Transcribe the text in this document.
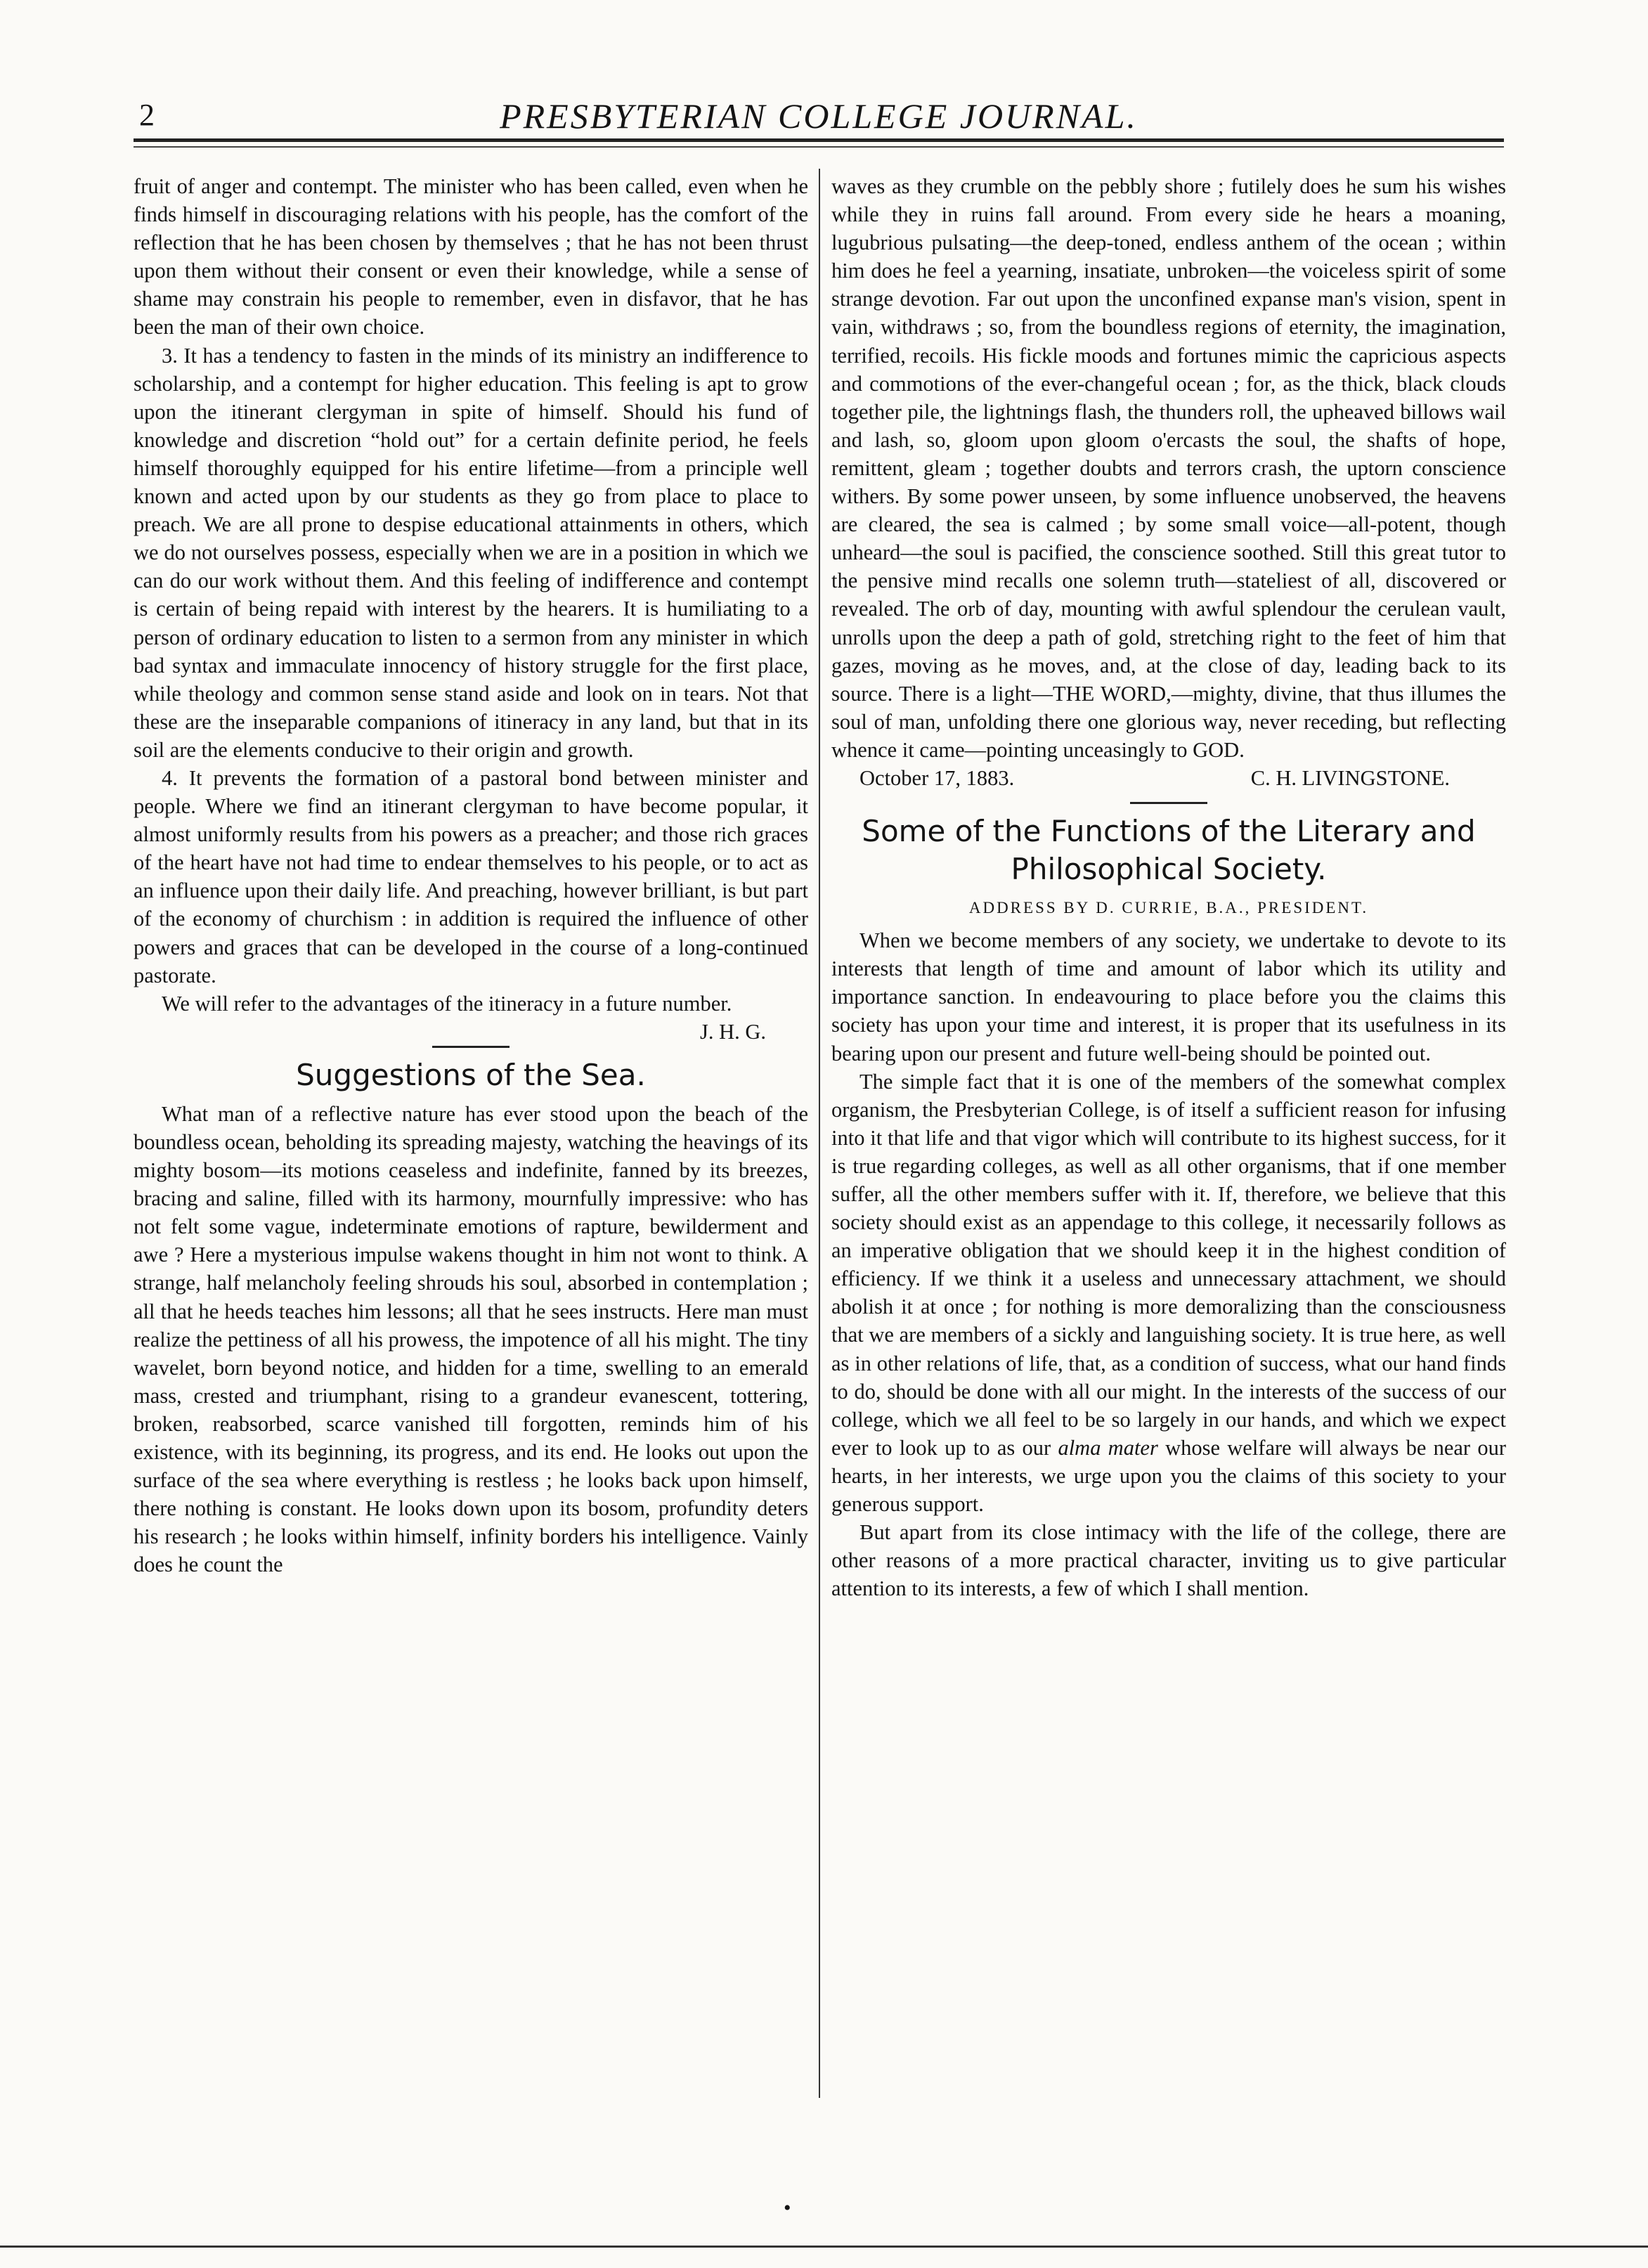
2	PRESBYTERIAN COLLEGE JOURNAL.

fruit of anger and contempt. The minister who has been called, even when he finds himself in discouraging relations with his people, has the comfort of the reflection that he has been chosen by themselves ; that he has not been thrust upon them without their consent or even their knowledge, while a sense of shame may constrain his people to remember, even in disfavor, that he has been the man of their own choice.

3. It has a tendency to fasten in the minds of its ministry an indifference to scholarship, and a contempt for higher education. This feeling is apt to grow upon the itinerant clergyman in spite of himself. Should his fund of knowledge and discretion “hold out” for a certain definite period, he feels himself thoroughly equipped for his entire lifetime—from a principle well known and acted upon by our students as they go from place to place to preach. We are all prone to despise educational attainments in others, which we do not ourselves possess, especially when we are in a position in which we can do our work without them. And this feeling of indifference and contempt is certain of being repaid with interest by the hearers. It is humiliating to a person of ordinary education to listen to a sermon from any minister in which bad syntax and immaculate innocency of history struggle for the first place, while theology and common sense stand aside and look on in tears. Not that these are the inseparable companions of itineracy in any land, but that in its soil are the elements conducive to their origin and growth.

4. It prevents the formation of a pastoral bond between minister and people. Where we find an itinerant clergyman to have become popular, it almost uniformly results from his powers as a preacher; and those rich graces of the heart have not had time to endear themselves to his people, or to act as an influence upon their daily life. And preaching, however brilliant, is but part of the economy of churchism : in addition is required the influence of other powers and graces that can be developed in the course of a long-continued pastorate.

We will refer to the advantages of the itineracy in a future number.
J. H. G.

Suggestions of the Sea.

What man of a reflective nature has ever stood upon the beach of the boundless ocean, beholding its spreading majesty, watching the heavings of its mighty bosom—its motions ceaseless and indefinite, fanned by its breezes, bracing and saline, filled with its harmony, mournfully impressive: who has not felt some vague, indeterminate emotions of rapture, bewilderment and awe ? Here a mysterious impulse wakens thought in him not wont to think. A strange, half melancholy feeling shrouds his soul, absorbed in contemplation ; all that he heeds teaches him lessons; all that he sees instructs. Here man must realize the pettiness of all his prowess, the impotence of all his might. The tiny wavelet, born beyond notice, and hidden for a time, swelling to an emerald mass, crested and triumphant, rising to a grandeur evanescent, tottering, broken, reabsorbed, scarce vanished till forgotten, reminds him of his existence, with its beginning, its progress, and its end. He looks out upon the surface of the sea where everything is restless ; he looks back upon himself, there nothing is constant. He looks down upon its bosom, profundity deters his research ; he looks within himself, infinity borders his intelligence. Vainly does he count the

waves as they crumble on the pebbly shore ; futilely does he sum his wishes while they in ruins fall around. From every side he hears a moaning, lugubrious pulsating—the deep-toned, endless anthem of the ocean ; within him does he feel a yearning, insatiate, unbroken—the voiceless spirit of some strange devotion. Far out upon the unconfined expanse man's vision, spent in vain, withdraws ; so, from the boundless regions of eternity, the imagination, terrified, recoils. His fickle moods and fortunes mimic the capricious aspects and commotions of the ever-changeful ocean ; for, as the thick, black clouds together pile, the lightnings flash, the thunders roll, the upheaved billows wail and lash, so, gloom upon gloom o'ercasts the soul, the shafts of hope, remittent, gleam ; together doubts and terrors crash, the uptorn conscience withers. By some power unseen, by some influence unobserved, the heavens are cleared, the sea is calmed ; by some small voice—all-potent, though unheard—the soul is pacified, the conscience soothed. Still this great tutor to the pensive mind recalls one solemn truth—stateliest of all, discovered or revealed. The orb of day, mounting with awful splendour the cerulean vault, unrolls upon the deep a path of gold, stretching right to the feet of him that gazes, moving as he moves, and, at the close of day, leading back to its source. There is a light—THE WORD,—mighty, divine, that thus illumes the soul of man, unfolding there one glorious way, never receding, but reflecting whence it came—pointing unceasingly to GOD.

October 17, 1883.	C. H. LIVINGSTONE.

Some of the Functions of the Literary and Philosophical Society.
ADDRESS BY D. CURRIE, B.A., PRESIDENT.

When we become members of any society, we undertake to devote to its interests that length of time and amount of labor which its utility and importance sanction. In endeavouring to place before you the claims this society has upon your time and interest, it is proper that its usefulness in its bearing upon our present and future well-being should be pointed out.

The simple fact that it is one of the members of the somewhat complex organism, the Presbyterian College, is of itself a sufficient reason for infusing into it that life and that vigor which will contribute to its highest success, for it is true regarding colleges, as well as all other organisms, that if one member suffer, all the other members suffer with it. If, therefore, we believe that this society should exist as an appendage to this college, it necessarily follows as an imperative obligation that we should keep it in the highest condition of efficiency. If we think it a useless and unnecessary attachment, we should abolish it at once ; for nothing is more demoralizing than the consciousness that we are members of a sickly and languishing society. It is true here, as well as in other relations of life, that, as a condition of success, what our hand finds to do, should be done with all our might. In the interests of the success of our college, which we all feel to be so largely in our hands, and which we expect ever to look up to as our alma mater whose welfare will always be near our hearts, in her interests, we urge upon you the claims of this society to your generous support.

But apart from its close intimacy with the life of the college, there are other reasons of a more practical character, inviting us to give particular attention to its interests, a few of which I shall mention.

•
